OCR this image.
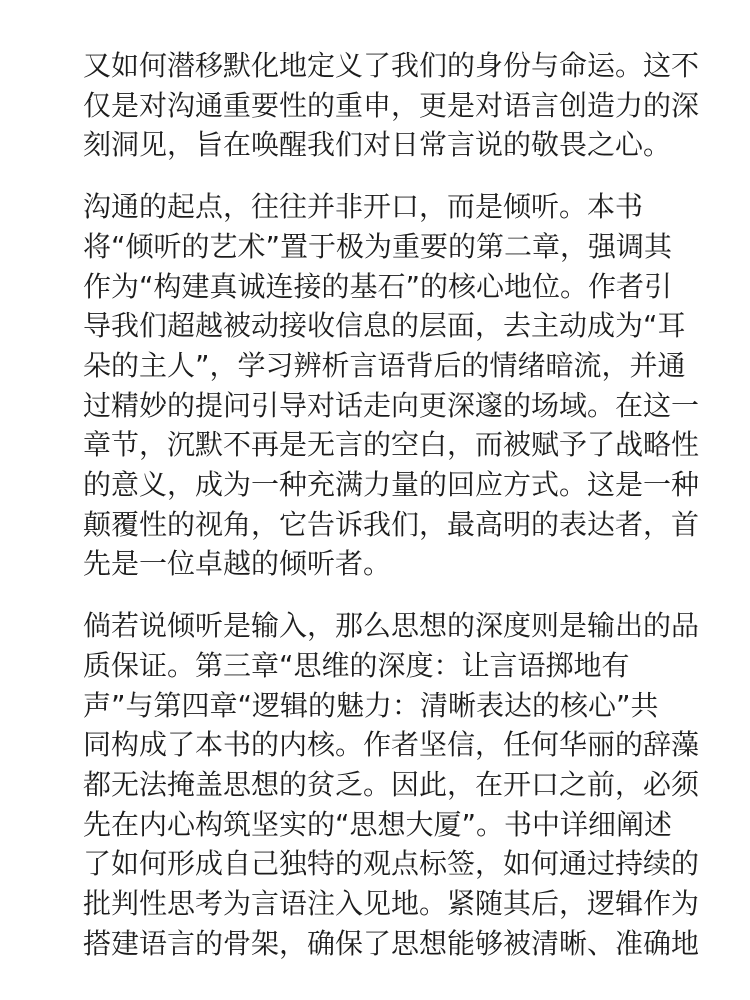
又如何潜移默化地定义了我们的身份与命运。这不
仅是对沟通重要性的重申，更是对语言创造力的深
刻洞见，旨在唤醒我们对日常言说的敬畏之心。
沟通的起点，往往并非开口，而是倾听。本书
将“倾听的艺术”置于极为重要的第二章，强调其
作为“构建真诚连接的基石”的核心地位。作者引
导我们超越被动接收信息的层面，去主动成为“耳
朵的主人”，学习辨析言语背后的情绪暗流，并通
过精妙的提问引导对话走向更深邃的场域。在这一
章节，沉默不再是无言的空白，而被赋予了战略性
的意义，成为一种充满力量的回应方式。这是一种
颠覆性的视角，它告诉我们，最高明的表达者，首
先是一位卓越的倾听者。
倘若说倾听是输入，那么思想的深度则是输出的品
质保证。第三章“思维的深度：让言语掷地有
声”与第四章“逻辑的魅力：清晰表达的核心”共
同构成了本书的内核。作者坚信，任何华丽的辞藻
都无法掩盖思想的贫乏。因此，在开口之前，必须
先在内心构筑坚实的“思想大厦”。书中详细阐述
了如何形成自己独特的观点标签，如何通过持续的
批判性思考为言语注入见地。紧随其后，逻辑作为
搭建语言的骨架，确保了思想能够被清晰、准确地
